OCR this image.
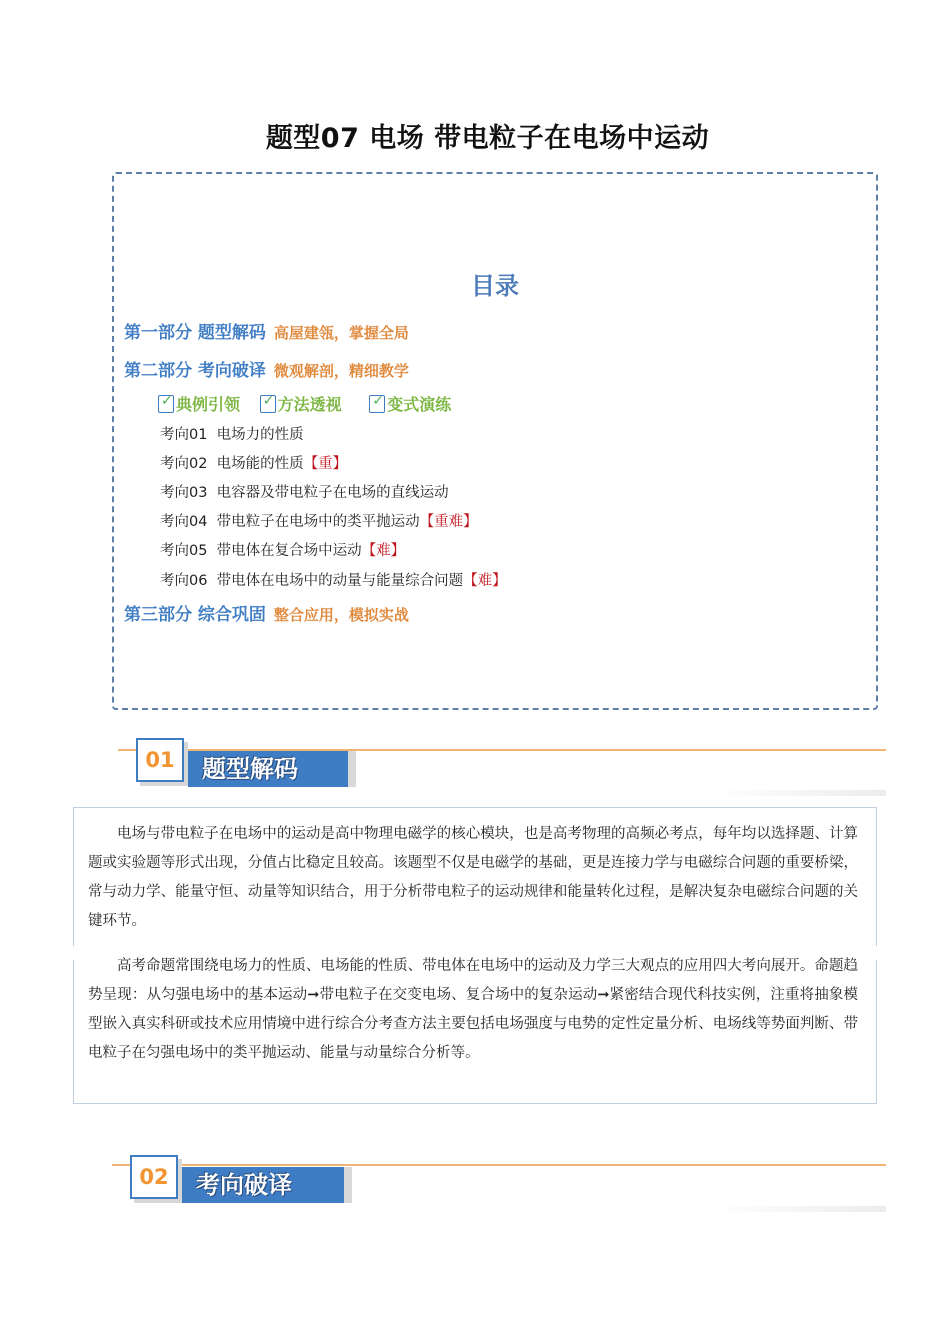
题型07 电场 带电粒子在电场中运动
目录
第一部分 题型解码 高屋建瓴，掌握全局
第二部分 考向破译 微观解剖，精细教学
✓
典例引领
✓ 方法透视
✓	变式演练
考向01 电场力的性质
考向02 电场能的性质【重】
考向03 电容器及带电粒子在电场的直线运动
考向04  带电粒子在电场中的类平抛运动【重难】
考向05 带电体在复合场中运动【难】
考向06 带电体在电场中的动量与能量综合问题【难】
第三部分 综合巩固 整合应用，模拟实战
题型解码
01
电场与带电粒子在电场中的运动是高中物理电磁学的核心模块，也是高考物理的高频必考点，每年均以选择题、计算题或实验题等形式出现，分值占比稳定且较高。该题型不仅是电磁学的基础，更是连接力学与电磁综合问题的重要桥梁，常与动力学、能量守恒、动量等知识结合，用于分析带电粒子的运动规律和能量转化过程，是解决复杂电磁综合问题的关键环节。
高考命题常围绕电场力的性质、电场能的性质、带电体在电场中的运动及力学三大观点的应用四大考向展开。命题趋势呈现：从匀强电场中的基本运动➞带电粒子在交变电场、复合场中的复杂运动➞紧密结合现代科技实例，注重将抽象模型嵌入真实科研或技术应用情境中进行综合分考查方法主要包括电场强度与电势的定性定量分析、电场线等势面判断、带电粒子在匀强电场中的类平抛运动、能量与动量综合分析等。
考向破译
02
